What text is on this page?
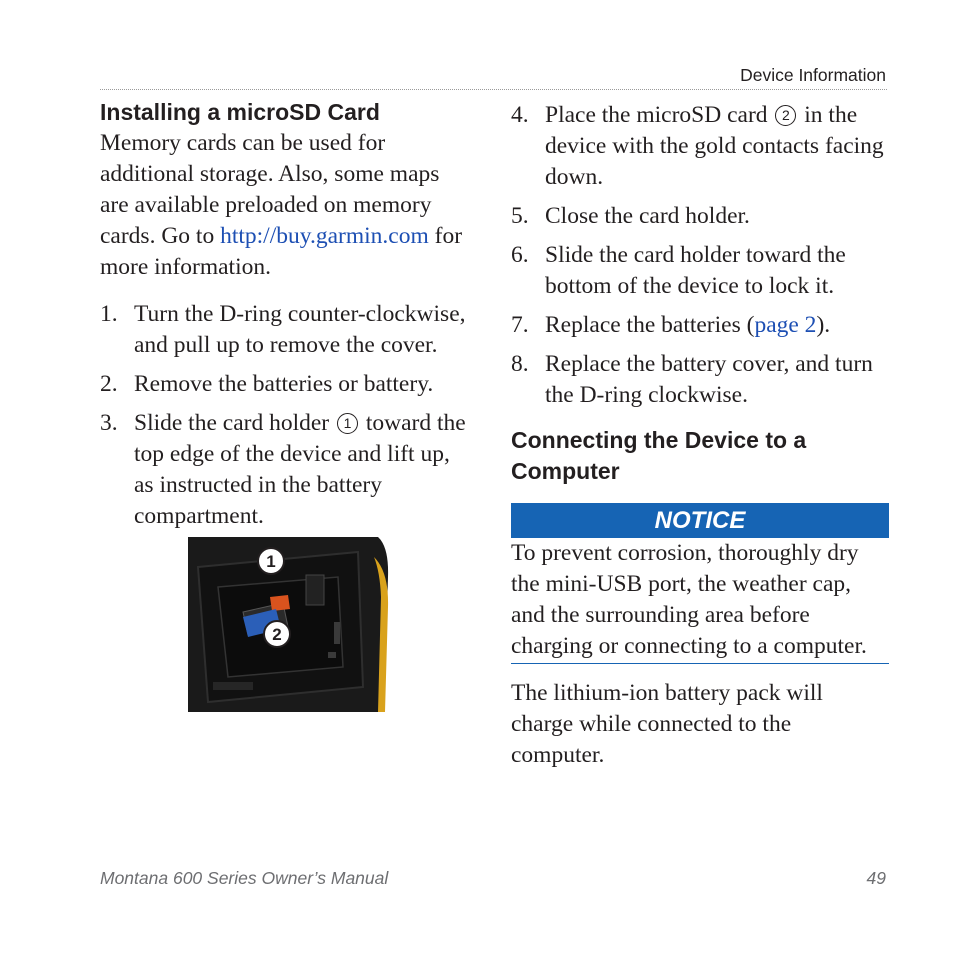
Device Information
Installing a microSD Card

Memory cards can be used for additional storage. Also, some maps are available preloaded on memory cards. Go to http://buy.garmin.com for more information.

1. Turn the D-ring counter-clockwise, and pull up to remove the cover.
2. Remove the batteries or battery.
3. Slide the card holder 1 toward the top edge of the device and lift up, as instructed in the battery compartment.
1
2
4. Place the microSD card 2 in the device with the gold contacts facing down.
5. Close the card holder.
6. Slide the card holder toward the bottom of the device to lock it.
7. Replace the batteries (page 2).
8. Replace the battery cover, and turn the D-ring clockwise.
Connecting the Device to a Computer
NOTICE

To prevent corrosion, thoroughly dry the mini-USB port, the weather cap, and the surrounding area before charging or connecting to a computer.

The lithium-ion battery pack will charge while connected to the computer.

Montana 600 Series Owner’s Manual	49
